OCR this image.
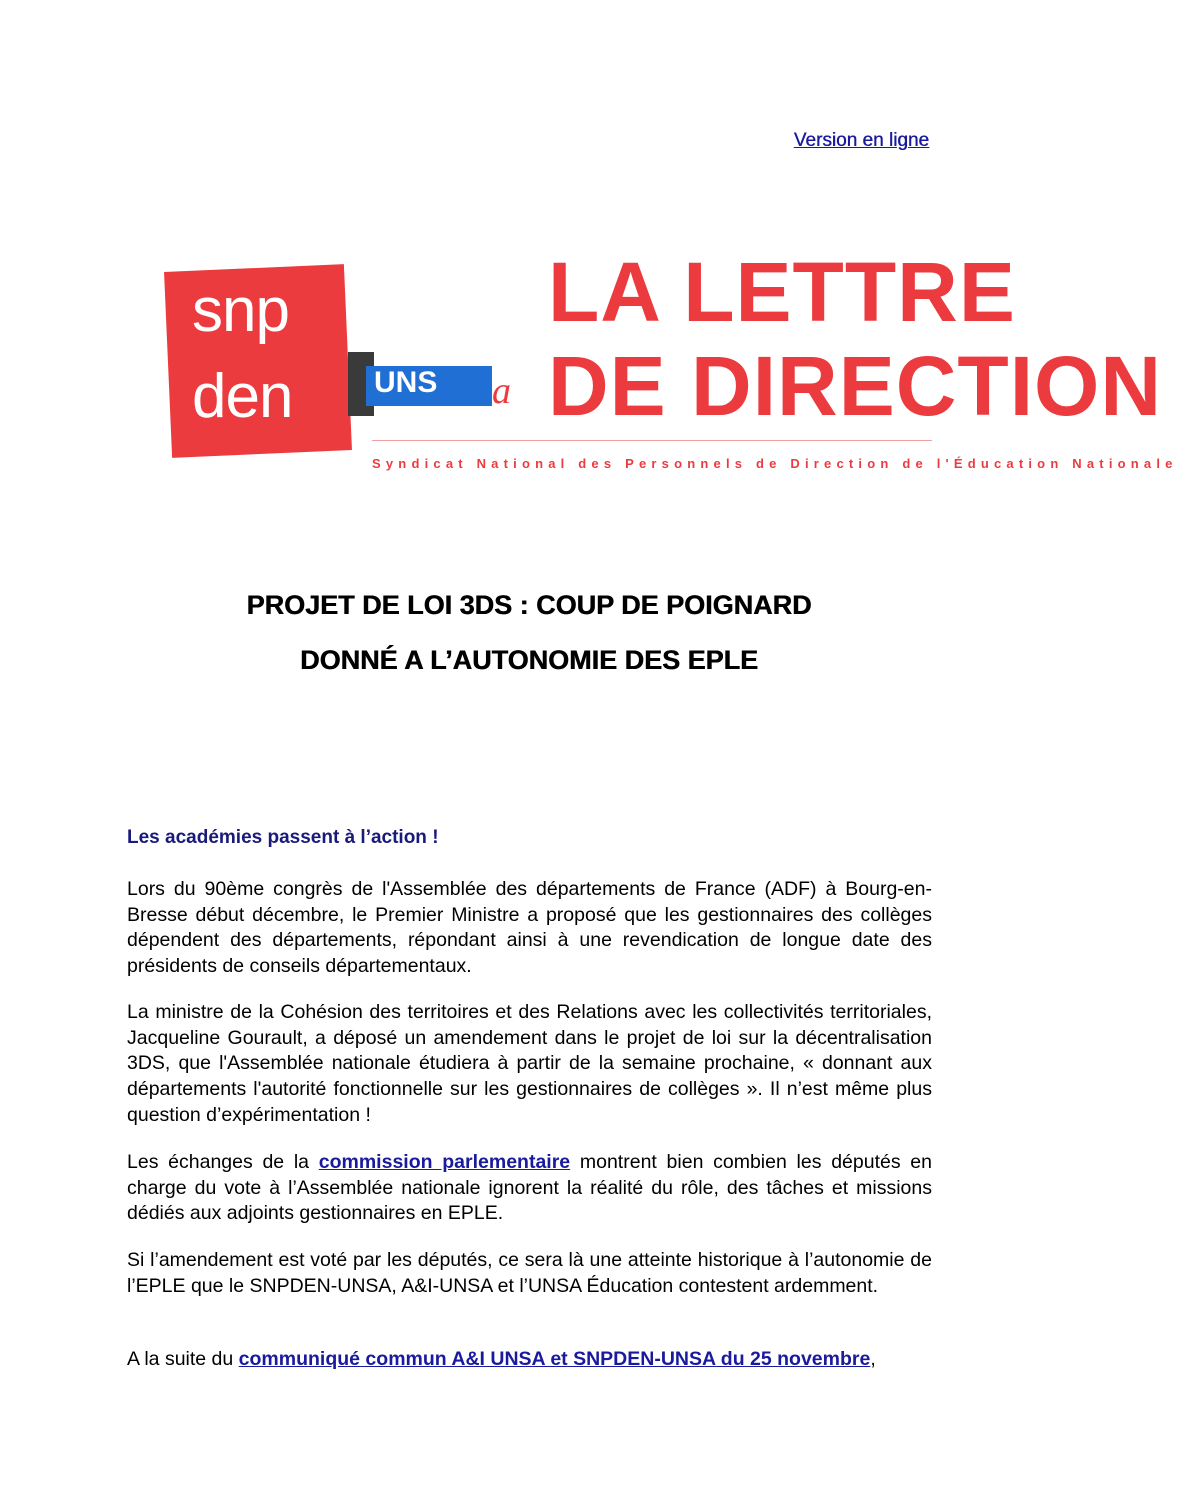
Version en ligne
snp
den	UNS a
LA LETTRE
DE DIRECTION
Syndicat National des Personnels de Direction de l'Éducation Nationale
PROJET DE LOI 3DS : COUP DE POIGNARD
DONNÉ A L’AUTONOMIE DES EPLE
Les académies passent à l’action !

Lors du 90ème congrès de l'Assemblée des départements de France (ADF) à Bourg-en-Bresse début décembre, le Premier Ministre a proposé que les gestionnaires des collèges dépendent des départements, répondant ainsi à une revendication de longue date des présidents de conseils départementaux.

La ministre de la Cohésion des territoires et des Relations avec les collectivités territoriales, Jacqueline Gourault, a déposé un amendement dans le projet de loi sur la décentralisation 3DS, que l'Assemblée nationale étudiera à partir de la semaine prochaine, « donnant aux départements l'autorité fonctionnelle sur les gestionnaires de collèges ». Il n’est même plus question d’expérimentation !

Les échanges de la commission parlementaire montrent bien combien les députés en charge du vote à l’Assemblée nationale ignorent la réalité du rôle, des tâches et missions dédiés aux adjoints gestionnaires en EPLE.

Si l’amendement est voté par les députés, ce sera là une atteinte historique à l’autonomie de l’EPLE que le SNPDEN-UNSA, A&I-UNSA et l’UNSA Éducation contestent ardemment.

A la suite du communiqué commun A&I UNSA et SNPDEN-UNSA du 25 novembre,
